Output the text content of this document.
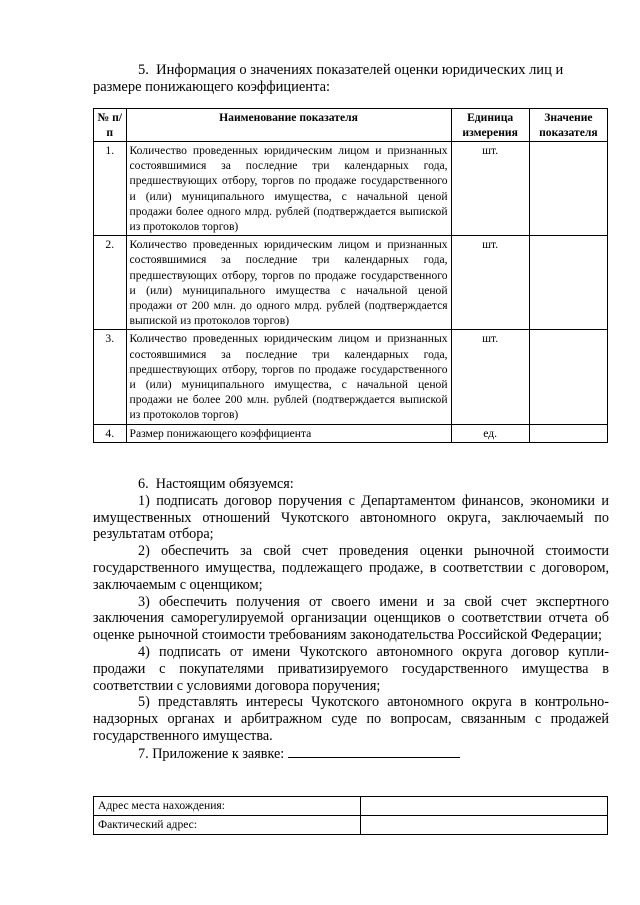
5.  Информация о значениях показателей оценки юридических лиц и
размере понижающего коэффициента:
№ п/п	Наименование показателя	Единица измерения	Значение показателя
1.	Количество проведенных юридическим лицом и признанных состоявшимися за последние три календарных года, предшествующих отбору, торгов по продаже государственного и (или) муниципального имущества, с начальной ценой продажи более одного млрд. рублей (подтверждается выпиской из протоколов торгов)	шт.	
2.	Количество проведенных юридическим лицом и признанных состоявшимися за последние три календарных года, предшествующих отбору, торгов по продаже государственного и (или) муниципального имущества с начальной ценой продажи от 200 млн. до одного млрд. рублей (подтверждается выпиской из протоколов торгов)	шт.	
3.	Количество проведенных юридическим лицом и признанных состоявшимися за последние три календарных года, предшествующих отбору, торгов по продаже государственного и (или) муниципального имущества, с начальной ценой продажи не более 200 млн. рублей (подтверждается выпиской из протоколов торгов)	шт.	
4.	Размер понижающего коэффициента	ед.	

6.  Настоящим обязуемся:

1) подписать договор поручения с Департаментом финансов, экономики и имущественных отношений Чукотского автономного округа, заключаемый по результатам отбора;

2) обеспечить за свой счет проведения оценки рыночной стоимости государственного имущества, подлежащего продаже, в соответствии с договором, заключаемым с оценщиком;

3) обеспечить получения от своего имени и за свой счет экспертного заключения саморегулируемой организации оценщиков о соответствии отчета об оценке рыночной стоимости требованиям законодательства Российской Федерации;

4) подписать от имени Чукотского автономного округа договор купли-продажи с покупателями приватизируемого государственного имущества в соответствии с условиями договора поручения;

5) представлять интересы Чукотского автономного округа в контрольно-надзорных органах и арбитражном суде по вопросам, связанным с продажей государственного имущества.

7. Приложение к заявке:

Адрес места нахождения:	
Фактический адрес:	
